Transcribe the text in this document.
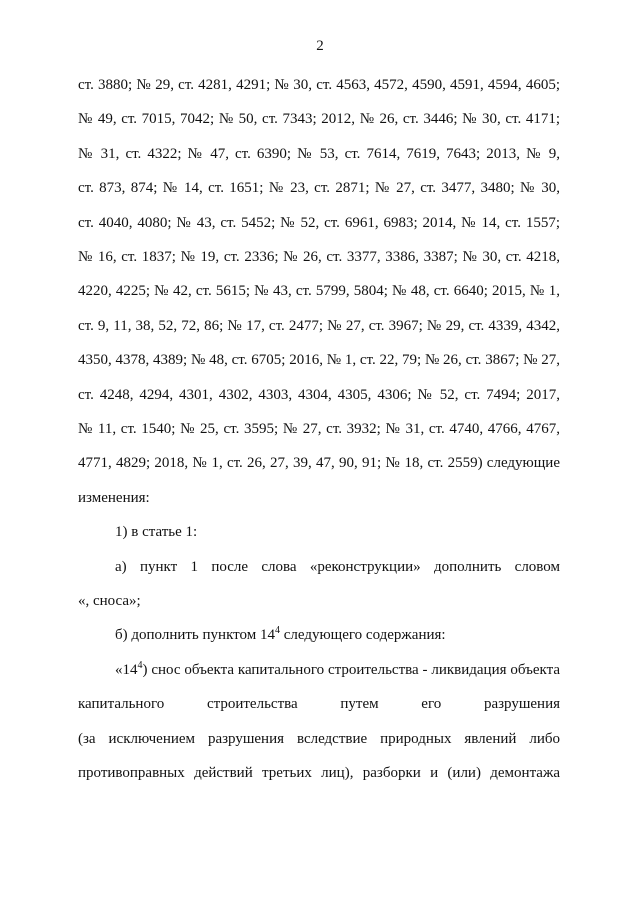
2
ст. 3880; № 29, ст. 4281, 4291; № 30, ст. 4563, 4572, 4590, 4591, 4594, 4605;
№ 49, ст. 7015, 7042; № 50, ст. 7343; 2012, № 26, ст. 3446; № 30, ст. 4171;
№ 31, ст. 4322; № 47, ст. 6390; № 53, ст. 7614, 7619, 7643; 2013, № 9,
ст. 873, 874; № 14, ст. 1651; № 23, ст. 2871; № 27, ст. 3477, 3480; № 30,
ст. 4040, 4080; № 43, ст. 5452; № 52, ст. 6961, 6983; 2014, № 14, ст. 1557;
№ 16, ст. 1837; № 19, ст. 2336; № 26, ст. 3377, 3386, 3387; № 30, ст. 4218,
4220, 4225; № 42, ст. 5615; № 43, ст. 5799, 5804; № 48, ст. 6640; 2015, № 1,
ст. 9, 11, 38, 52, 72, 86; № 17, ст. 2477; № 27, ст. 3967; № 29, ст. 4339, 4342,
4350, 4378, 4389; № 48, ст. 6705; 2016, № 1, ст. 22, 79; № 26, ст. 3867; № 27,
ст. 4248, 4294, 4301, 4302, 4303, 4304, 4305, 4306; № 52, ст. 7494; 2017,
№ 11, ст. 1540; № 25, ст. 3595; № 27, ст. 3932; № 31, ст. 4740, 4766, 4767,
4771, 4829; 2018, № 1, ст. 26, 27, 39, 47, 90, 91; № 18, ст. 2559) следующие
изменения:
1) в статье 1:
а) пункт 1 после слова «реконструкции» дополнить словом
«, сноса»;
б) дополнить пунктом $14^4$ следующего содержания:
«$14^4$) снос объекта капитального строительства - ликвидация объекта
капитального строительства путем его разрушения
(за исключением разрушения вследствие природных явлений либо
противоправных действий третьих лиц), разборки и (или) демонтажа
